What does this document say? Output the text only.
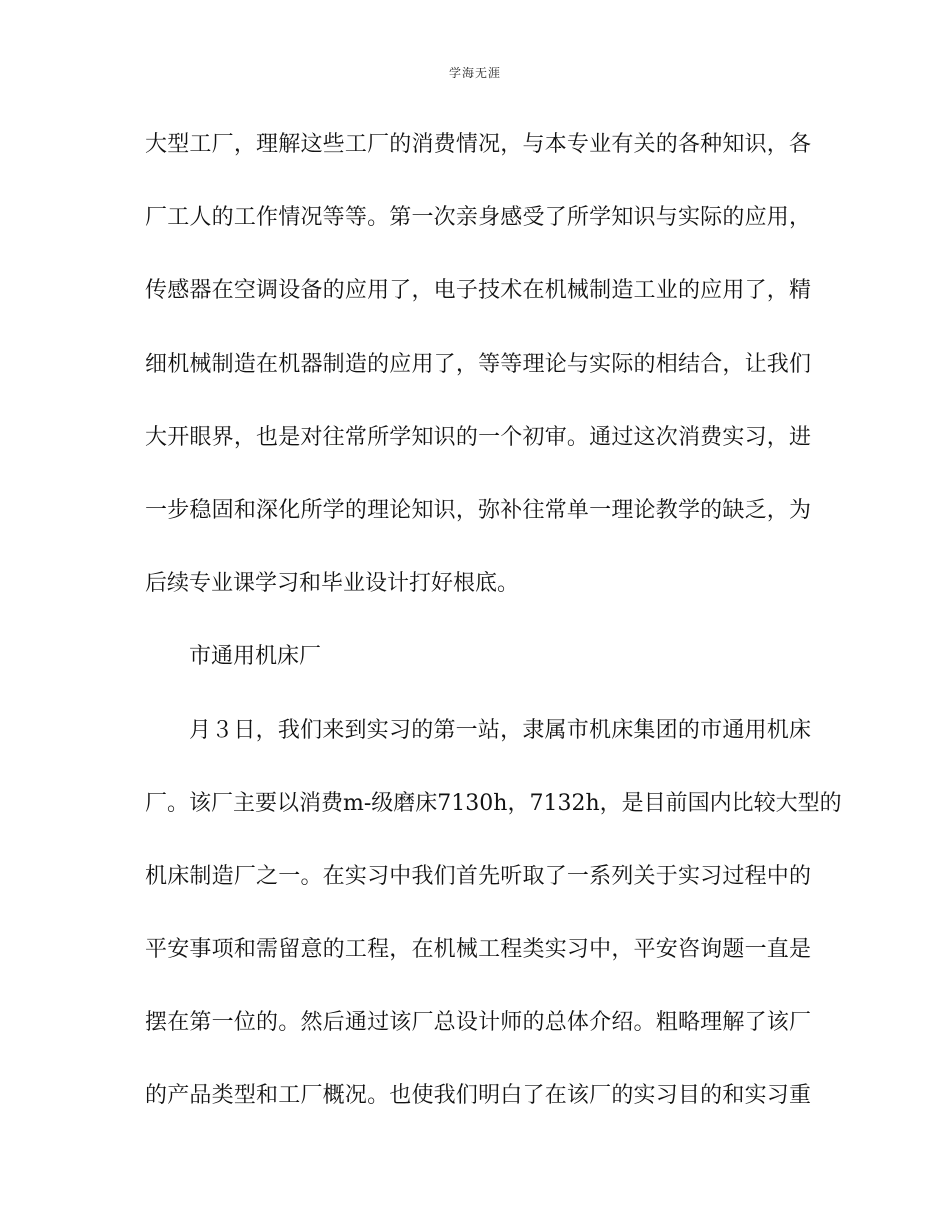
学海无涯
大型工厂，理解这些工厂的消费情况，与本专业有关的各种知识，各
厂工人的工作情况等等。第一次亲身感受了所学知识与实际的应用，
传感器在空调设备的应用了，电子技术在机械制造工业的应用了，精
细机械制造在机器制造的应用了，等等理论与实际的相结合，让我们
大开眼界，也是对往常所学知识的一个初审。通过这次消费实习，进
一步稳固和深化所学的理论知识，弥补往常单一理论教学的缺乏，为
后续专业课学习和毕业设计打好根底。
市通用机床厂
月３日，我们来到实习的第一站，隶属市机床集团的市通用机床
厂。该厂主要以消费m-级磨床7130h，7132h，是目前国内比较大型的
机床制造厂之一。在实习中我们首先听取了一系列关于实习过程中的
平安事项和需留意的工程，在机械工程类实习中，平安咨询题一直是
摆在第一位的。然后通过该厂总设计师的总体介绍。粗略理解了该厂
的产品类型和工厂概况。也使我们明白了在该厂的实习目的和实习重
